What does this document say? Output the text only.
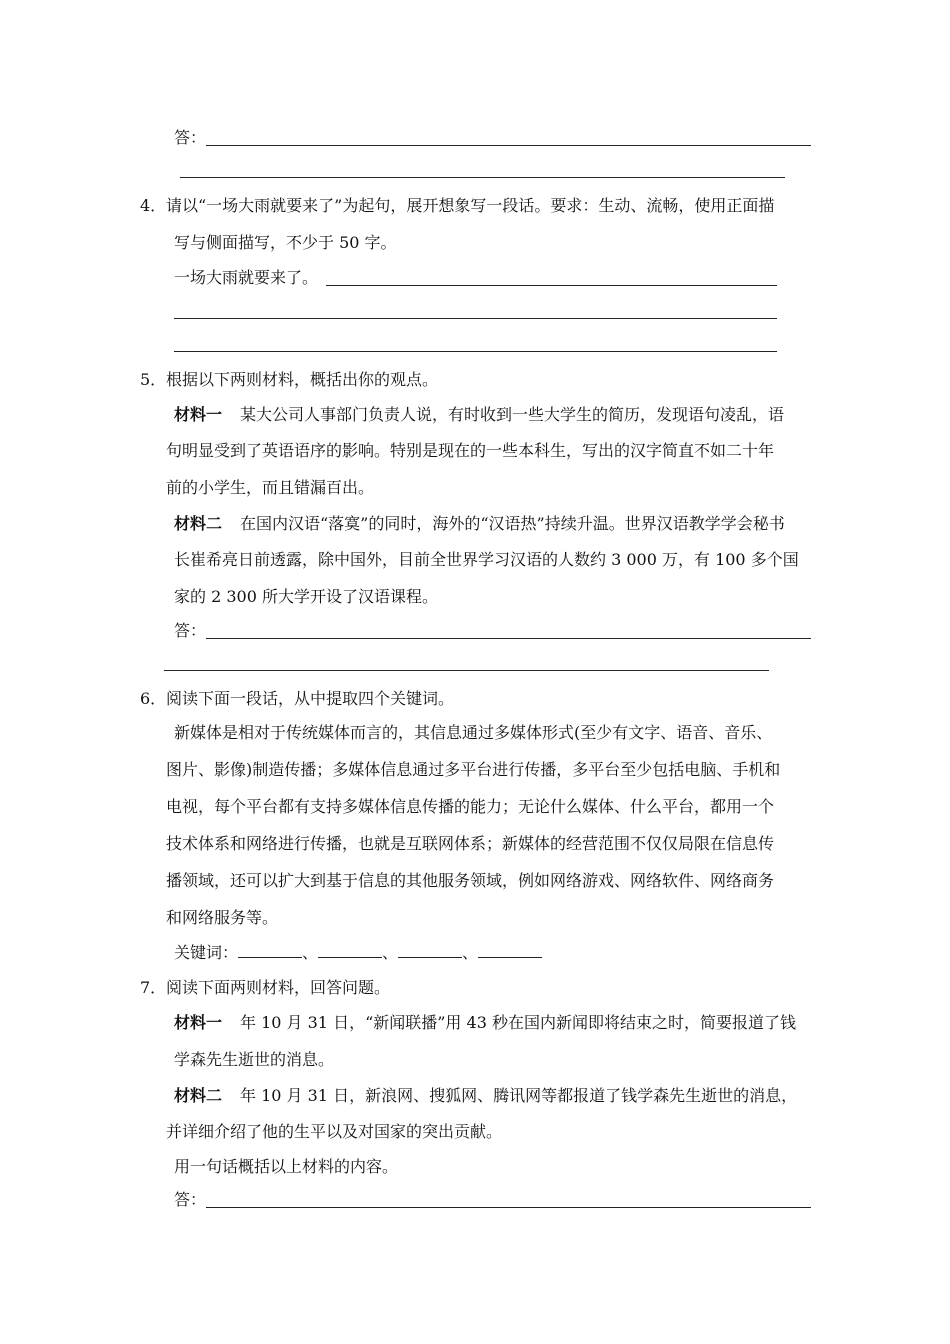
答：
4． 请以“一场大雨就要来了”为起句，展开想象写一段话。要求：生动、流畅，使用正面描
写与侧面描写，不少于 50 字。
一场大雨就要来了。
5． 根据以下两则材料，概括出你的观点。
材料一 某大公司人事部门负责人说，有时收到一些大学生的简历，发现语句凌乱，语
句明显受到了英语语序的影响。特别是现在的一些本科生，写出的汉字简直不如二十年
前的小学生，而且错漏百出。
材料二 在国内汉语“落寞”的同时，海外的“汉语热”持续升温。世界汉语教学学会秘书
长崔希亮日前透露，除中国外，目前全世界学习汉语的人数约 3 000 万，有 100 多个国
家的 2 300 所大学开设了汉语课程。
答：
6． 阅读下面一段话，从中提取四个关键词。
新媒体是相对于传统媒体而言的，其信息通过多媒体形式(至少有文字、语音、音乐、
图片、影像)制造传播；多媒体信息通过多平台进行传播，多平台至少包括电脑、手机和
电视，每个平台都有支持多媒体信息传播的能力；无论什么媒体、什么平台，都用一个
技术体系和网络进行传播，也就是互联网体系；新媒体的经营范围不仅仅局限在信息传
播领域，还可以扩大到基于信息的其他服务领域，例如网络游戏、网络软件、网络商务
和网络服务等。
关键词：	、	、	、
7． 阅读下面两则材料，回答问题。
材料一 年 10 月 31 日，“新闻联播”用 43 秒在国内新闻即将结束之时，简要报道了钱
学森先生逝世的消息。
材料二 年 10 月 31 日，新浪网、搜狐网、腾讯网等都报道了钱学森先生逝世的消息，
并详细介绍了他的生平以及对国家的突出贡献。
用一句话概括以上材料的内容。
答：
